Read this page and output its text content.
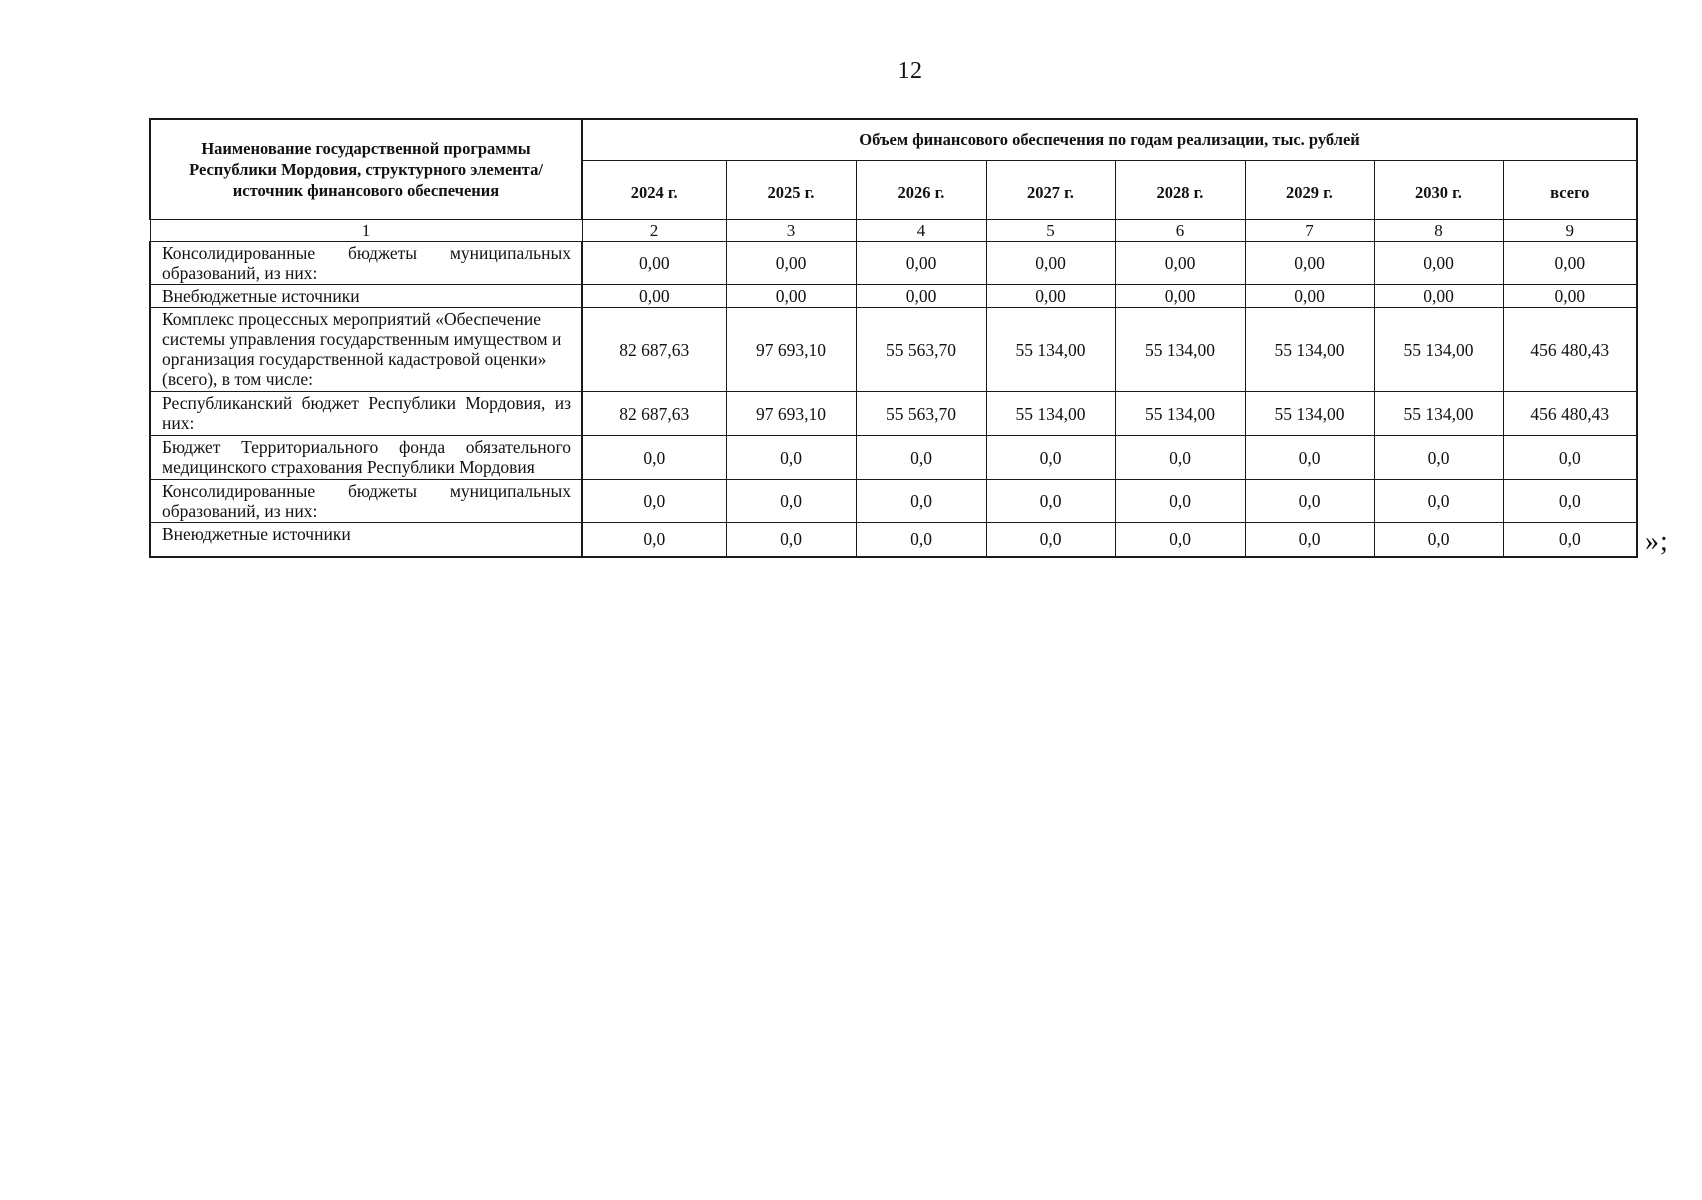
12
Наименование государственной программы Республики Мордовия, структурного элемента/источник финансового обеспечения	Объем финансового обеспечения по годам реализации, тыс. рублей							
	2024 г.	2025 г.	2026 г.	2027 г.	2028 г.	2029 г.	2030 г.	всего
1	2	3	4	5	6	7	8	9
Консолидированные бюджеты муниципальных образований, из них:	0,00	0,00	0,00	0,00	0,00	0,00	0,00	0,00
Внебюджетные источники	0,00	0,00	0,00	0,00	0,00	0,00	0,00	0,00
Комплекс процессных мероприятий «Обеспечение системы управления государственным имуществом и организация государственной кадастровой оценки» (всего), в том числе:	82 687,63	97 693,10	55 563,70	55 134,00	55 134,00	55 134,00	55 134,00	456 480,43
Республиканский бюджет Республики Мордовия, из них:	82 687,63	97 693,10	55 563,70	55 134,00	55 134,00	55 134,00	55 134,00	456 480,43
Бюджет Территориального фонда обязательного медицинского страхования Республики Мордовия	0,0	0,0	0,0	0,0	0,0	0,0	0,0	0,0
Консолидированные бюджеты муниципальных образований, из них:	0,0	0,0	0,0	0,0	0,0	0,0	0,0	0,0
Внеюджетные источники	0,0	0,0	0,0	0,0	0,0	0,0	0,0	0,0 »;
